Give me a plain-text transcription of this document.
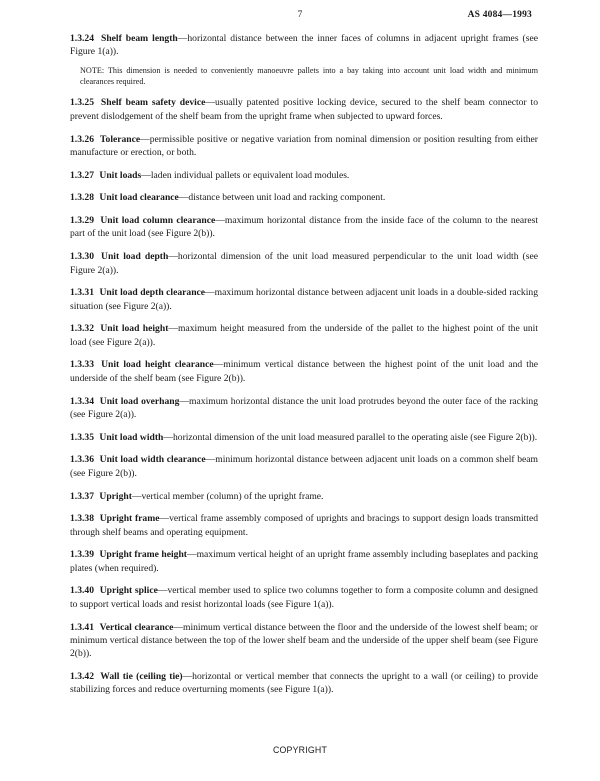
7	AS 4084—1993

1.3.24 Shelf beam length—horizontal distance between the inner faces of columns in adjacent upright frames (see Figure 1(a)).

NOTE: This dimension is needed to conveniently manoeuvre pallets into a bay taking into account unit load width and minimum clearances required.

1.3.25 Shelf beam safety device—usually patented positive locking device, secured to the shelf beam connector to prevent dislodgement of the shelf beam from the upright frame when subjected to upward forces.

1.3.26 Tolerance—permissible positive or negative variation from nominal dimension or position resulting from either manufacture or erection, or both.

1.3.27 Unit loads—laden individual pallets or equivalent load modules.

1.3.28 Unit load clearance—distance between unit load and racking component.

1.3.29 Unit load column clearance—maximum horizontal distance from the inside face of the column to the nearest part of the unit load (see Figure 2(b)).

1.3.30 Unit load depth—horizontal dimension of the unit load measured perpendicular to the unit load width (see Figure 2(a)).

1.3.31 Unit load depth clearance—maximum horizontal distance between adjacent unit loads in a double-sided racking situation (see Figure 2(a)).

1.3.32 Unit load height—maximum height measured from the underside of the pallet to the highest point of the unit load (see Figure 2(a)).

1.3.33 Unit load height clearance—minimum vertical distance between the highest point of the unit load and the underside of the shelf beam (see Figure 2(b)).

1.3.34 Unit load overhang—maximum horizontal distance the unit load protrudes beyond the outer face of the racking (see Figure 2(a)).

1.3.35 Unit load width—horizontal dimension of the unit load measured parallel to the operating aisle (see Figure 2(b)).

1.3.36 Unit load width clearance—minimum horizontal distance between adjacent unit loads on a common shelf beam (see Figure 2(b)).

1.3.37 Upright—vertical member (column) of the upright frame.

1.3.38 Upright frame—vertical frame assembly composed of uprights and bracings to support design loads transmitted through shelf beams and operating equipment.

1.3.39 Upright frame height—maximum vertical height of an upright frame assembly including baseplates and packing plates (when required).

1.3.40 Upright splice—vertical member used to splice two columns together to form a composite column and designed to support vertical loads and resist horizontal loads (see Figure 1(a)).

1.3.41 Vertical clearance—minimum vertical distance between the floor and the underside of the lowest shelf beam; or minimum vertical distance between the top of the lower shelf beam and the underside of the upper shelf beam (see Figure 2(b)).

1.3.42 Wall tie (ceiling tie)—horizontal or vertical member that connects the upright to a wall (or ceiling) to provide stabilizing forces and reduce overturning moments (see Figure 1(a)).

COPYRIGHT
